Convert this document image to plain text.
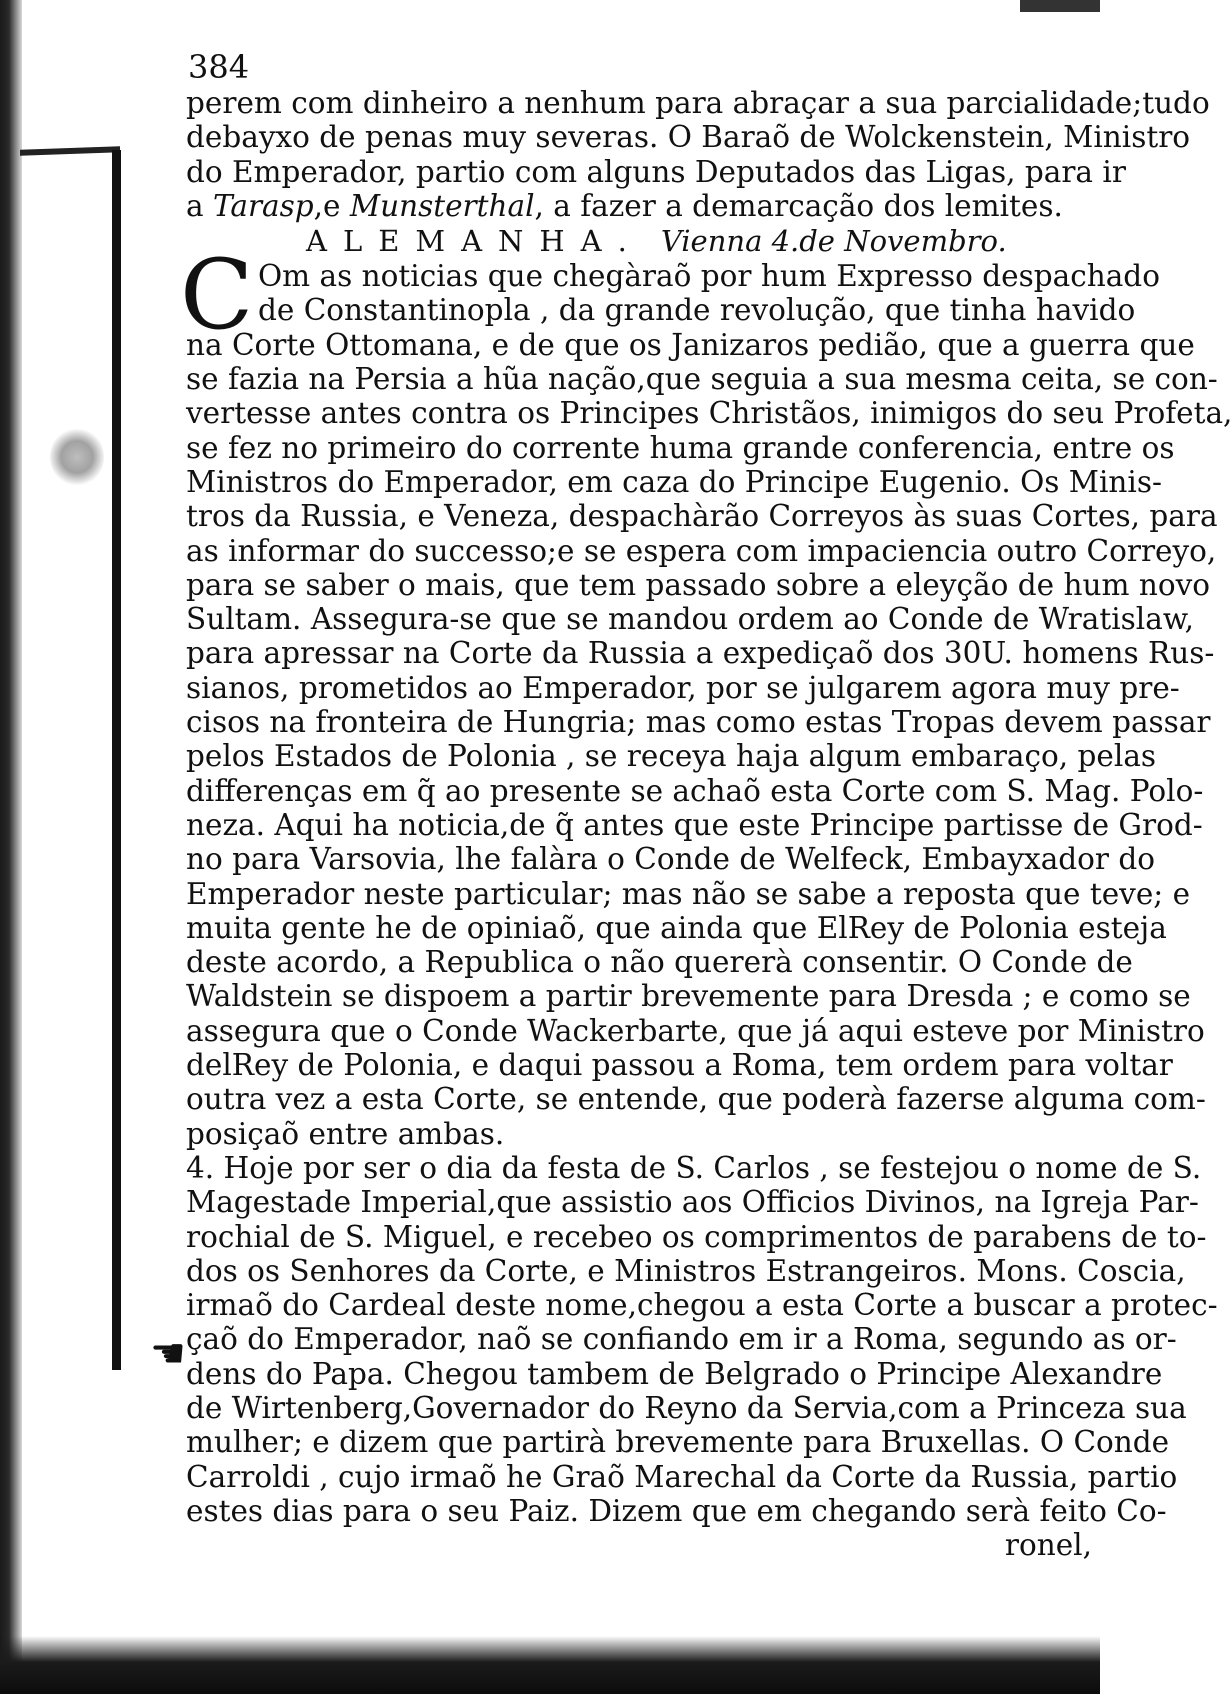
☚
384
perem com dinheiro a nenhum para abraçar a sua parcialidade;tudo
debayxo de penas muy severas. O Baraõ de Wolckenstein, Ministro
do Emperador, partio com alguns Deputados das Ligas, para ir
a Tarasp,e Munsterthal, a fazer a demarcação dos lemites.
ALEMANHA. Vienna 4.de Novembro.
C Om as noticias que chegàraõ por hum Expresso despachado
de Constantinopla , da grande revolução, que tinha havido
na Corte Ottomana, e de que os Janizaros pedião, que a guerra que
se fazia na Persia a hũa nação,que seguia a sua mesma ceita, se con-
vertesse antes contra os Principes Christãos, inimigos do seu Profeta,
se fez no primeiro do corrente huma grande conferencia, entre os
Ministros do Emperador, em caza do Principe Eugenio. Os Minis-
tros da Russia, e Veneza, despachàrão Correyos às suas Cortes, para
as informar do successo;e se espera com impaciencia outro Correyo,
para se saber o mais, que tem passado sobre a eleyção de hum novo
Sultam. Assegura-se que se mandou ordem ao Conde de Wratislaw,
para apressar na Corte da Russia a expediçaõ dos 30U. homens Rus-
sianos, prometidos ao Emperador, por se julgarem agora muy pre-
cisos na fronteira de Hungria; mas como estas Tropas devem passar
pelos Estados de Polonia , se receya haja algum embaraço, pelas
differenças em q̃ ao presente se achaõ esta Corte com S. Mag. Polo-
neza. Aqui ha noticia,de q̃ antes que este Principe partisse de Grod-
no para Varsovia, lhe falàra o Conde de Welfeck, Embayxador do
Emperador neste particular; mas não se sabe a reposta que teve; e
muita gente he de opiniaõ, que ainda que ElRey de Polonia esteja
deste acordo, a Republica o não quererà consentir. O Conde de
Waldstein se dispoem a partir brevemente para Dresda ; e como se
assegura que o Conde Wackerbarte, que já aqui esteve por Ministro
delRey de Polonia, e daqui passou a Roma, tem ordem para voltar
outra vez a esta Corte, se entende, que poderà fazerse alguma com-
posiçaõ entre ambas.
4. Hoje por ser o dia da festa de S. Carlos , se festejou o nome de S.
Magestade Imperial,que assistio aos Officios Divinos, na Igreja Par-
rochial de S. Miguel, e recebeo os comprimentos de parabens de to-
dos os Senhores da Corte, e Ministros Estrangeiros. Mons. Coscia,
irmaõ do Cardeal deste nome,chegou a esta Corte a buscar a protec-
çaõ do Emperador, naõ se confiando em ir a Roma, segundo as or-
dens do Papa. Chegou tambem de Belgrado o Principe Alexandre
de Wirtenberg,Governador do Reyno da Servia,com a Princeza sua
mulher; e dizem que partirà brevemente para Bruxellas. O Conde
Carroldi , cujo irmaõ he Graõ Marechal da Corte da Russia, partio
estes dias para o seu Paiz. Dizem que em chegando serà feito Co-
ronel,
